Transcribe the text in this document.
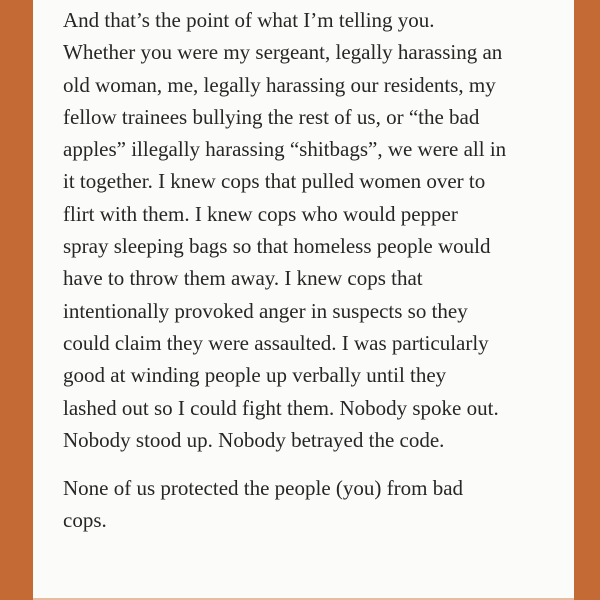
And that’s the point of what I’m telling you.
Whether you were my sergeant, legally harassing an
old woman, me, legally harassing our residents, my
fellow trainees bullying the rest of us, or “the bad
apples” illegally harassing “shitbags”, we were all in
it together. I knew cops that pulled women over to
flirt with them. I knew cops who would pepper
spray sleeping bags so that homeless people would
have to throw them away. I knew cops that
intentionally provoked anger in suspects so they
could claim they were assaulted. I was particularly
good at winding people up verbally until they
lashed out so I could fight them. Nobody spoke out.
Nobody stood up. Nobody betrayed the code.

None of us protected the people (you) from bad
cops.
